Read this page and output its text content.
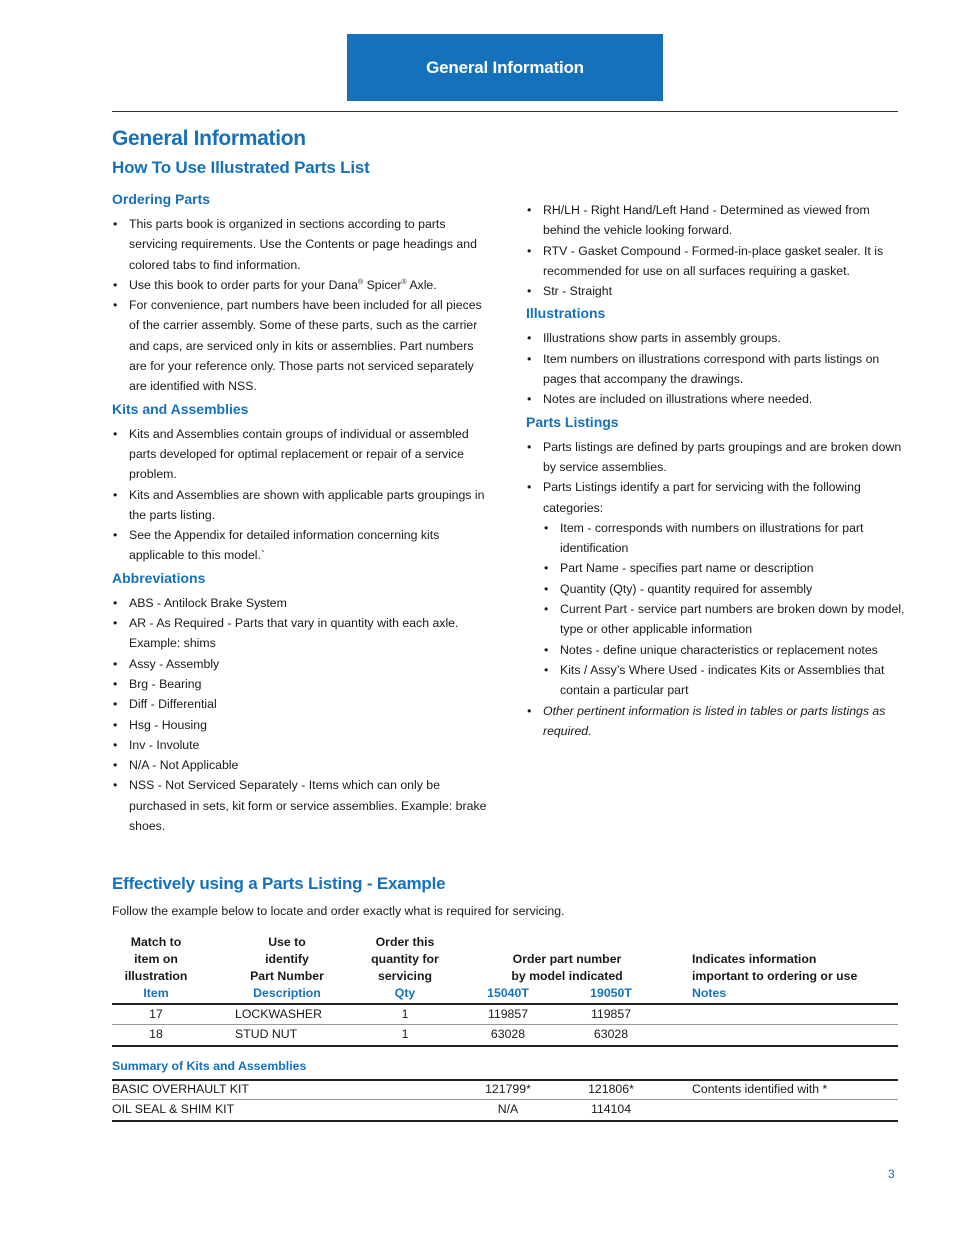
General Information
General Information
How To Use Illustrated Parts List
Ordering Parts
• This parts book is organized in sections according to parts servicing requirements. Use the Contents or page headings and colored tabs to find information.
• Use this book to order parts for your Dana® Spicer® Axle.
• For convenience, part numbers have been included for all pieces of the carrier assembly. Some of these parts, such as the carrier and caps, are serviced only in kits or assemblies. Part numbers are for your reference only. Those parts not serviced separately are identified with NSS.
Kits and Assemblies
• Kits and Assemblies contain groups of individual or assembled parts developed for optimal replacement or repair of a service problem.
• Kits and Assemblies are shown with applicable parts groupings in the parts listing.
• See the Appendix for detailed information concerning kits applicable to this model.`
Abbreviations
• ABS - Antilock Brake System
• AR - As Required - Parts that vary in quantity with each axle. Example: shims
• Assy - Assembly
• Brg - Bearing
• Diff - Differential
• Hsg - Housing
• Inv - Involute
• N/A - Not Applicable
• NSS - Not Serviced Separately - Items which can only be purchased in sets, kit form or service assemblies. Example: brake shoes.
• RH/LH - Right Hand/Left Hand - Determined as viewed from behind the vehicle looking forward.
• RTV - Gasket Compound - Formed-in-place gasket sealer. It is recommended for use on all surfaces requiring a gasket.
• Str - Straight
Illustrations
• Illustrations show parts in assembly groups.
• Item numbers on illustrations correspond with parts listings on pages that accompany the drawings.
• Notes are included on illustrations where needed.
Parts Listings
• Parts listings are defined by parts groupings and are broken down by service assemblies.
• Parts Listings identify a part for servicing with the following categories:
• Item - corresponds with numbers on illustrations for part identification
• Part Name - specifies part name or description
• Quantity (Qty) - quantity required for assembly
• Current Part - service part numbers are broken down by model, type or other applicable information
• Notes - define unique characteristics or replacement notes
• Kits / Assy’s Where Used - indicates Kits or Assemblies that contain a particular part
• Other pertinent information is listed in tables or parts listings as required.
Effectively using a Parts Listing - Example
Follow the example below to locate and order exactly what is required for servicing.
Match to
item on
illustration
Item
Use to
identify
Part Number
Description
Order this
quantity for
servicing
Qty
Order part number
by model indicated
15040T	19050T
Indicates information
important to ordering or use
Notes
17	LOCKWASHER	1	119857	119857
18	STUD NUT	1	63028	63028
Summary of Kits and Assemblies
BASIC OVERHAULT KIT	121799*	121806*	Contents identified with *
OIL SEAL & SHIM KIT	N/A	114104
3
